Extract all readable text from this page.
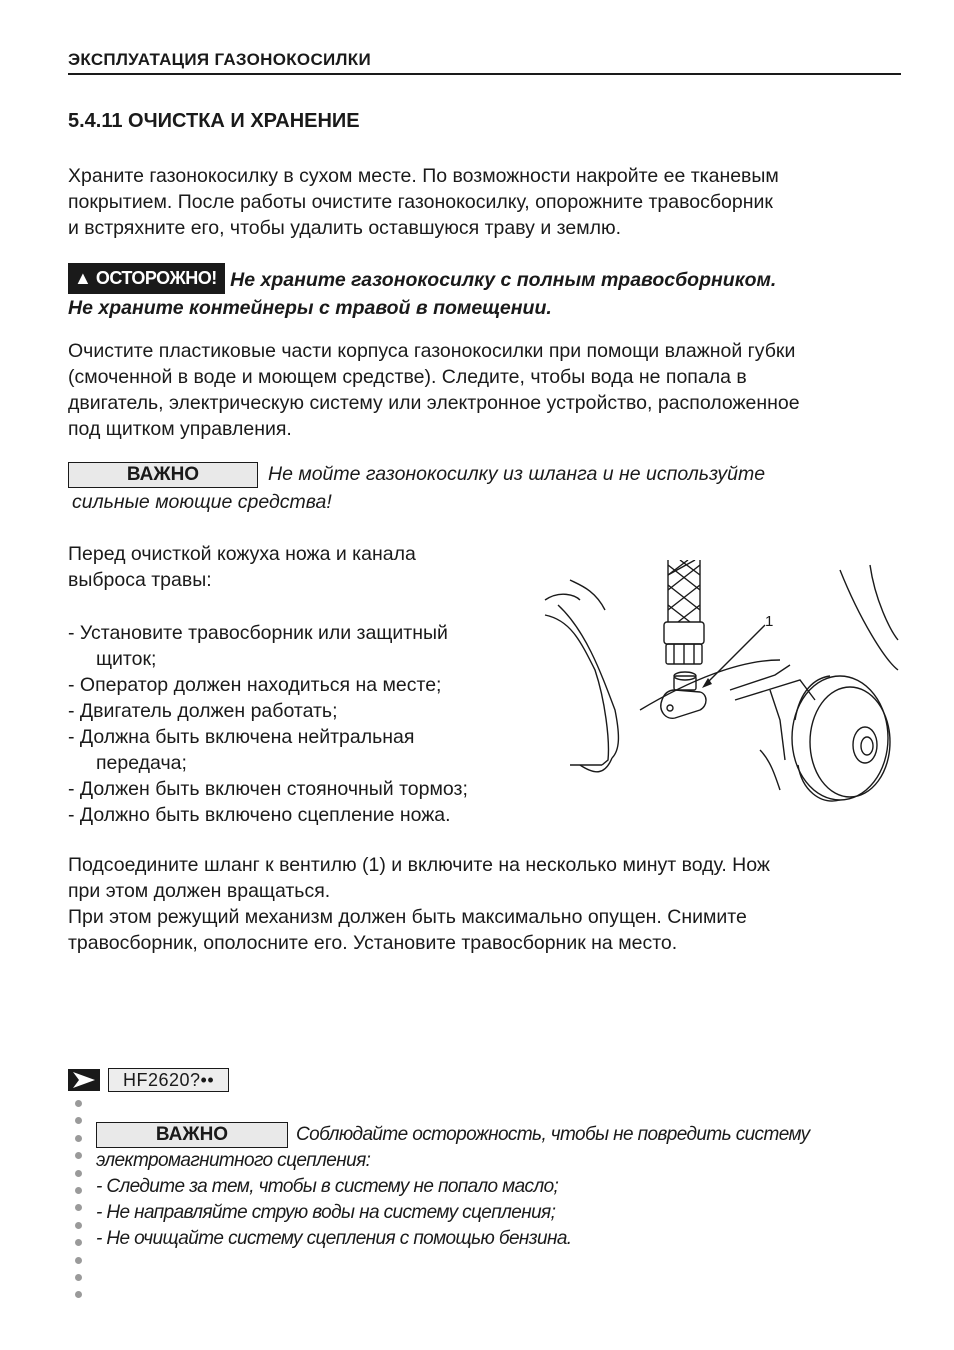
ЭКСПЛУАТАЦИЯ ГАЗОНОКОСИЛКИ
5.4.11 ОЧИСТКА И ХРАНЕНИЕ
Храните газонокосилку в сухом месте. По возможности накройте ее тканевым
покрытием. После работы очистите газонокосилку, опорожните травосборник
и встряхните его, чтобы удалить оставшуюся траву и землю.
▲ ОСТОРОЖНО! Не храните газонокосилку с полным травосборником.
Не храните контейнеры с травой в помещении.
Очистите пластиковые части корпуса газонокосилки при помощи влажной губки
(смоченной в воде и моющем средстве). Следите, чтобы вода не попала в
двигатель, электрическую систему или электронное устройство, расположенное
под щитком управления.
ВАЖНО	Не мойте газонокосилку из шланга и не используйте
сильные моющие средства!
Перед очисткой кожуха ножа и канала
выброса травы:
- Установите травосборник или защитный
щиток;
- Оператор должен находиться на месте;
- Двигатель должен работать;
- Должна быть включена нейтральная
передача;
- Должен быть включен стояночный тормоз;
- Должно быть включено сцепление ножа.
1
Подсоедините шланг к вентилю (1) и включите на несколько минут воду. Нож
при этом должен вращаться.
При этом режущий механизм должен быть максимально опущен. Снимите
травосборник, ополосните его. Установите травосборник на место.
HF2620?••
ВАЖНО	Соблюдайте осторожность, чтобы не повредить систему
электромагнитного сцепления:
- Следите за тем, чтобы в систему не попало масло;
- Не направляйте струю воды на систему сцепления;
- Не очищайте систему сцепления с помощью бензина.
